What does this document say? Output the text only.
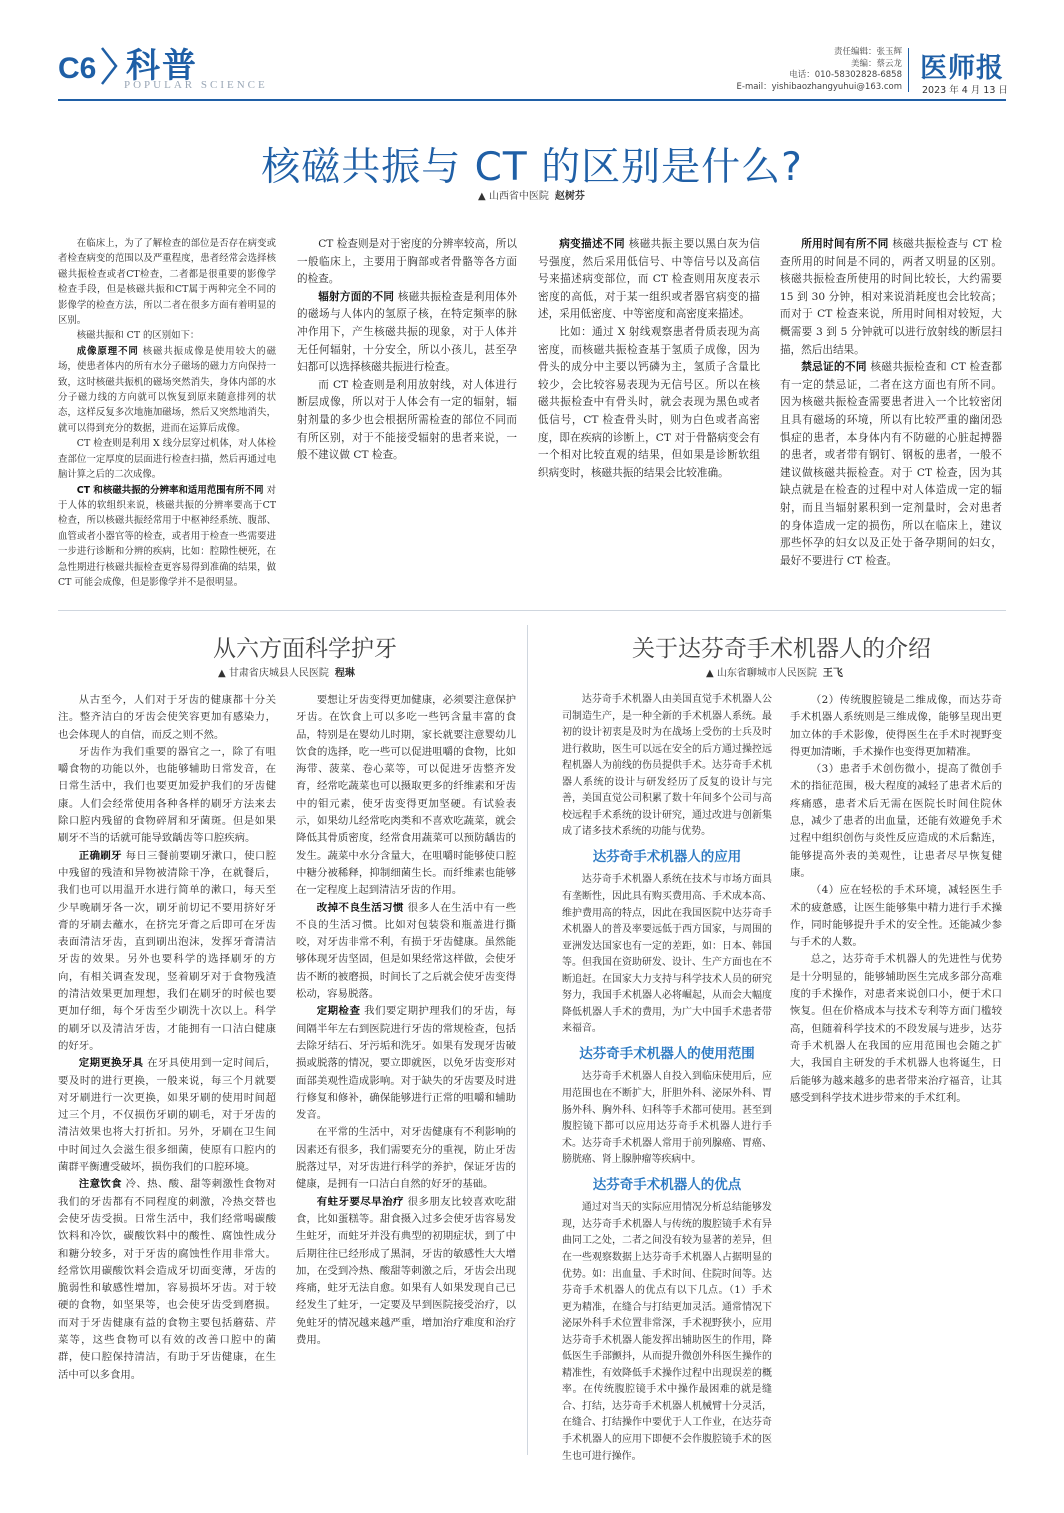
C6 科普
POPULAR SCIENCE
责任编辑：张玉辉
美编：蔡云龙
电话：010-58302828-6858
E-mail：yishibaozhangyuhui@163.com
医师报
2023 年 4 月 13 日
核磁共振与 CT 的区别是什么?
▲ 山西省中医院 赵树芬

在临床上，为了了解检查的部位是否存在病变或者检查病变的范围以及严重程度，患者经常会选择核磁共振检查或者CT检查，二者都是很重要的影像学检查手段，但是核磁共振和CT属于两种完全不同的影像学的检查方法，所以二者在很多方面有着明显的区别。

核磁共振和 CT 的区别如下：

成像原理不同 核磁共振成像是使用较大的磁场，使患者体内的所有水分子磁场的磁力方向保持一致，这时核磁共振机的磁场突然消失，身体内部的水分子磁力线的方向就可以恢复到原来随意排列的状态，这样反复多次地施加磁场，然后又突然地消失，就可以得到充分的数据，进而在运算后成像。

CT 检查则是利用 X 线分层穿过机体，对人体检查部位一定厚度的层面进行检查扫描，然后再通过电脑计算之后的二次成像。

CT 和核磁共振的分辨率和适用范围有所不同 对于人体的软组织来说，核磁共振的分辨率要高于CT检查，所以核磁共振经常用于中枢神经系统、腹部、血管或者小器官等的检查，或者用于检查一些需要进一步进行诊断和分辨的疾病，比如：腔隙性梗死，在急性期进行核磁共振检查更容易得到准确的结果，做 CT 可能会成像，但是影像学并不是很明显。

CT 检查则是对于密度的分辨率较高，所以一般临床上，主要用于胸部或者骨骼等各方面的检查。

辐射方面的不同 核磁共振检查是利用体外的磁场与人体内的氢原子核，在特定频率的脉冲作用下，产生核磁共振的现象，对于人体并无任何辐射，十分安全，所以小孩儿，甚至孕妇都可以选择核磁共振进行检查。

而 CT 检查则是利用放射线，对人体进行断层成像，所以对于人体会有一定的辐射，辐射剂量的多少也会根据所需检查的部位不同而有所区别，对于不能接受辐射的患者来说，一般不建议做 CT 检查。

病变描述不同 核磁共振主要以黑白灰为信号强度，然后采用低信号、中等信号以及高信号来描述病变部位，而 CT 检查则用灰度表示密度的高低，对于某一组织或者器官病变的描述，采用低密度、中等密度和高密度来描述。

比如：通过 X 射线观察患者骨质表现为高密度，而核磁共振检查基于氢质子成像，因为骨头的成分中主要以钙磷为主，氢质子含量比较少，会比较容易表现为无信号区。所以在核磁共振检查中有骨头时，就会表现为黑色或者低信号，CT 检查骨头时，则为白色或者高密度，即在疾病的诊断上，CT 对于骨骼病变会有一个相对比较直观的结果，但如果是诊断软组织病变时，核磁共振的结果会比较准确。

所用时间有所不同 核磁共振检查与 CT 检查所用的时间是不同的，两者又明显的区别。核磁共振检查所使用的时间比较长，大约需要 15 到 30 分钟，相对来说消耗度也会比较高；而对于 CT 检查来说，所用时间相对较短，大概需要 3 到 5 分钟就可以进行放射线的断层扫描，然后出结果。

禁忌证的不同 核磁共振检查和 CT 检查都有一定的禁忌证，二者在这方面也有所不同。因为核磁共振检查需要患者进入一个比较密闭且具有磁场的环境，所以有比较严重的幽闭恐惧症的患者，本身体内有不防磁的心脏起搏器的患者，或者带有钢钉、钢板的患者，一般不建议做核磁共振检查。对于 CT 检查，因为其缺点就是在检查的过程中对人体造成一定的辐射，而且当辐射累积到一定剂量时，会对患者的身体造成一定的损伤，所以在临床上，建议那些怀孕的妇女以及正处于备孕期间的妇女，最好不要进行 CT 检查。

从六方面科学护牙
▲ 甘肃省庆城县人民医院 程琳

从古至今，人们对于牙齿的健康都十分关注。整齐洁白的牙齿会使笑容更加有感染力，也会体现人的自信，而反之则不然。

牙齿作为我们重要的器官之一，除了有咀嚼食物的功能以外，也能够辅助日常发音，在日常生活中，我们也要更加爱护我们的牙齿健康。人们会经常使用各种各样的刷牙方法来去除口腔内残留的食物碎屑和牙菌斑。但是如果刷牙不当的话就可能导致龋齿等口腔疾病。

正确刷牙 每日三餐前要刷牙漱口，使口腔中残留的残渣和异物被清除干净，在就餐后，我们也可以用温开水进行简单的漱口，每天至少早晚刷牙各一次，刷牙前切记不要用挤好牙膏的牙刷去蘸水，在挤完牙膏之后即可在牙齿表面清洁牙齿，直到刷出泡沫，发挥牙膏清洁牙齿的效果。另外也要科学的选择刷牙的方向，有相关调查发现，竖着刷牙对于食物残渣的清洁效果更加理想，我们在刷牙的时候也要更加仔细，每个牙齿至少刷洗十次以上。科学的刷牙以及清洁牙齿，才能拥有一口洁白健康的好牙。

定期更换牙具 在牙具使用到一定时间后，要及时的进行更换，一般来说，每三个月就要对牙刷进行一次更换，如果牙刷的使用时间超过三个月，不仅损伤牙刷的刷毛，对于牙齿的清洁效果也将大打折扣。另外，牙刷在卫生间中时间过久会滋生很多细菌，使原有口腔内的菌群平衡遭受破坏，损伤我们的口腔环境。

注意饮食 冷、热、酸、甜等刺激性食物对我们的牙齿都有不同程度的刺激，冷热交替也会使牙齿受损。日常生活中，我们经常喝碳酸饮料和冷饮，碳酸饮料中的酸性、腐蚀性成分和糖分较多，对于牙齿的腐蚀性作用非常大。经常饮用碳酸饮料会造成牙切面变薄，牙齿的脆弱性和敏感性增加，容易损坏牙齿。对于较硬的食物，如坚果等，也会使牙齿受到磨损。而对于牙齿健康有益的食物主要包括蘑菇、芹菜等，这些食物可以有效的改善口腔中的菌群，使口腔保持清洁，有助于牙齿健康，在生活中可以多食用。

要想让牙齿变得更加健康，必须要注意保护牙齿。在饮食上可以多吃一些钙含量丰富的食品，特别是在婴幼儿时期，家长就要注意婴幼儿饮食的选择，吃一些可以促进咀嚼的食物，比如海带、菠菜、卷心菜等，可以促进牙齿整齐发育，经常吃蔬菜也可以摄取更多的纤维素和牙齿中的钼元素，使牙齿变得更加坚硬。有试验表示，如果幼儿经常吃肉类和不喜欢吃蔬菜，就会降低其骨质密度，经常食用蔬菜可以预防龋齿的发生。蔬菜中水分含量大，在咀嚼时能够使口腔中糖分被稀释，抑制细菌生长。而纤维素也能够在一定程度上起到清洁牙齿的作用。

改掉不良生活习惯 很多人在生活中有一些不良的生活习惯。比如对包装袋和瓶盖进行撕咬，对牙齿非常不利，有损于牙齿健康。虽然能够体现牙齿坚固，但是如果经常这样做，会使牙齿不断的被磨损，时间长了之后就会使牙齿变得松动，容易脱落。

定期检查 我们要定期护理我们的牙齿，每间隔半年左右到医院进行牙齿的常规检查，包括去除牙结石、牙污垢和洗牙。如果有发现牙齿破损或脱落的情况，要立即就医，以免牙齿变形对面部美观性造成影响。对于缺失的牙齿要及时进行修复和修补，确保能够进行正常的咀嚼和辅助发音。

在平常的生活中，对牙齿健康有不利影响的因素还有很多，我们需要充分的重视，防止牙齿脱落过早，对牙齿进行科学的养护，保证牙齿的健康，是拥有一口洁白自然的好牙的基础。

有蛀牙要尽早治疗 很多朋友比较喜欢吃甜食，比如蛋糕等。甜食摄入过多会使牙齿容易发生蛀牙，而蛀牙并没有典型的初期症状，到了中后期往往已经形成了黑洞，牙齿的敏感性大大增加，在受到冷热、酸甜等刺激之后，牙齿会出现疼痛，蛀牙无法自愈。如果有人如果发现自己已经发生了蛀牙，一定要及早到医院接受治疗，以免蛀牙的情况越来越严重，增加治疗难度和治疗费用。

关于达芬奇手术机器人的介绍
▲ 山东省聊城市人民医院 王飞

达芬奇手术机器人由美国直觉手术机器人公司制造生产，是一种全新的手术机器人系统。最初的设计初衷是及时为在战场上受伤的士兵及时进行救助，医生可以远在安全的后方通过操控远程机器人为前线的伤员提供手术。达芬奇手术机器人系统的设计与研发经历了反复的设计与完善，美国直觉公司积累了数十年间多个公司与高校远程手术系统的设计研究，通过改进与创新集成了诸多技术系统的功能与优势。

达芬奇手术机器人的应用

达芬奇手术机器人系统在技术与市场方面具有垄断性，因此具有购买费用高、手术成本高、维护费用高的特点，因此在我国医院中达芬奇手术机器人的普及率要远低于西方国家，与周围的亚洲发达国家也有一定的差距，如：日本、韩国等。但我国在资助研发、设计、生产方面也在不断追赶。在国家大力支持与科学技术人员的研究努力，我国手术机器人必将崛起，从而会大幅度降低机器人手术的费用，为广大中国手术患者带来福音。

达芬奇手术机器人的使用范围

达芬奇手术机器人自投入到临床使用后，应用范围也在不断扩大，肝胆外科、泌尿外科、胃肠外科、胸外科、妇科等手术都可使用。甚至到腹腔镜下都可以应用达芬奇手术机器人进行手术。达芬奇手术机器人常用于前列腺癌、胃癌、膀胱癌、肾上腺肿瘤等疾病中。

达芬奇手术机器人的优点

通过对当天的实际应用情况分析总结能够发现，达芬奇手术机器人与传统的腹腔镜手术有异曲同工之处，二者之间没有较为显著的差异，但在一些观察数据上达芬奇手术机器人占据明显的优势。如：出血量、手术时间、住院时间等。达芬奇手术机器人的优点有以下几点。（1）手术更为精准，在缝合与打结更加灵活。通常情况下泌尿外科手术位置非常深，手术视野狭小，应用达芬奇手术机器人能发挥出辅助医生的作用，降低医生手部颤抖，从而提升微创外科医生操作的精准性，有效降低手术操作过程中出现误差的概率。在传统腹腔镜手术中操作最困难的就是缝合、打结，达芬奇手术机器人机械臂十分灵活，在缝合、打结操作中要优于人工作业，在达芬奇手术机器人的应用下即便不会作腹腔镜手术的医生也可进行操作。

（2）传统腹腔镜是二维成像，而达芬奇手术机器人系统则是三维成像，能够呈现出更加立体的手术影像，使得医生在手术时视野变得更加清晰，手术操作也变得更加精准。

（3）患者手术创伤微小，提高了微创手术的指征范围，极大程度的减轻了患者术后的疼痛感，患者术后无需在医院长时间住院休息，减少了患者的出血量，还能有效避免手术过程中组织创伤与炎性反应造成的术后黏连，能够提高外表的美观性，让患者尽早恢复健康。

（4）应在轻松的手术环境，减轻医生手术的疲惫感，让医生能够集中精力进行手术操作，同时能够提升手术的安全性。还能减少参与手术的人数。

总之，达芬奇手术机器人的先进性与优势是十分明显的，能够辅助医生完成多部分高难度的手术操作，对患者来说创口小，便于术口恢复。但在价格成本与技术专利等方面门槛较高，但随着科学技术的不段发展与进步，达芬奇手术机器人在我国的应用范围也会随之扩大，我国自主研发的手术机器人也将诞生，日后能够为越来越多的患者带来治疗福音，让其感受到科学技术进步带来的手术红利。
